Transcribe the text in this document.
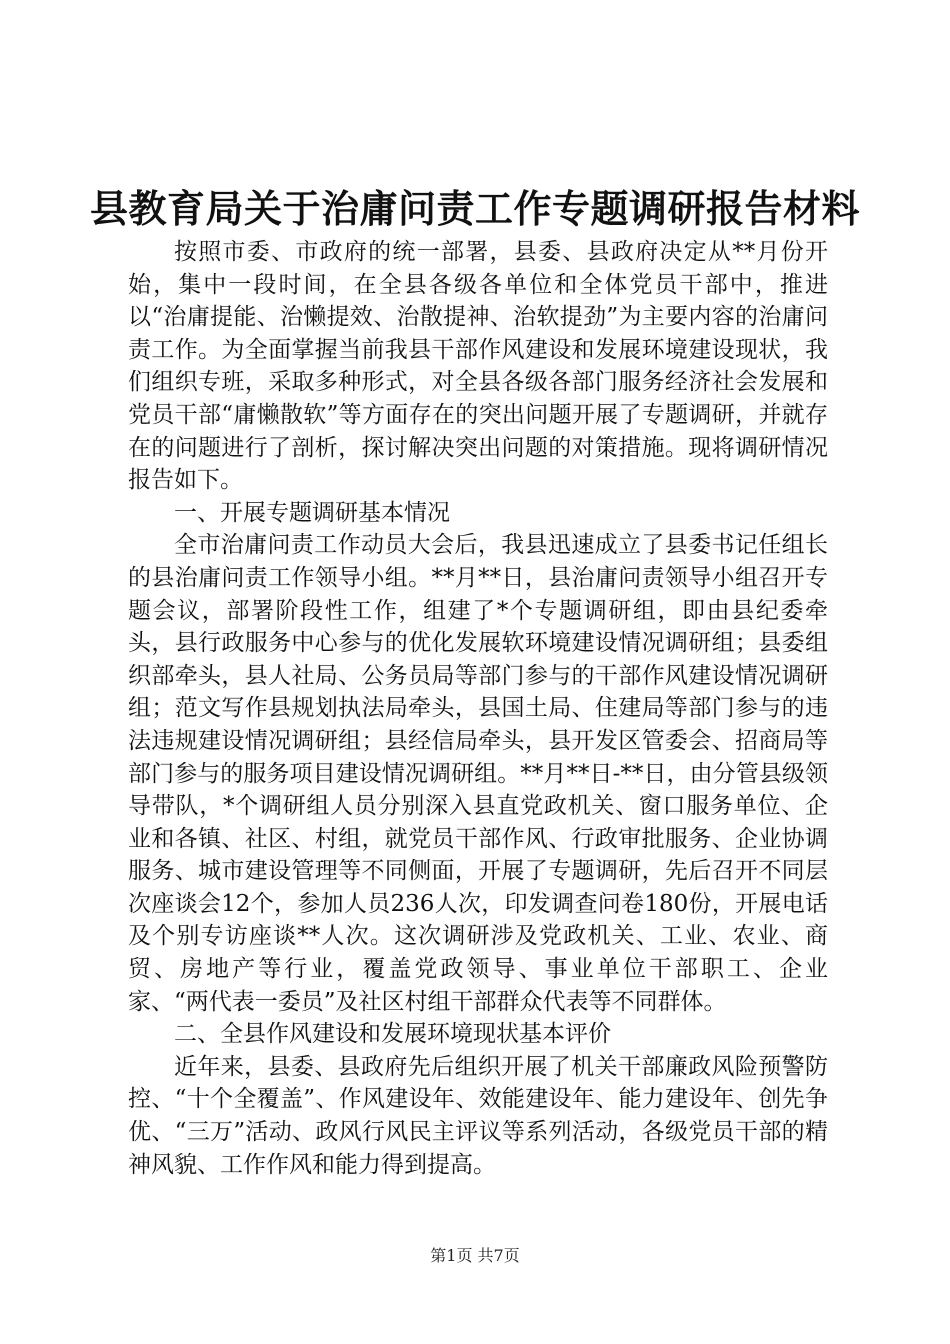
县教育局关于治庸问责工作专题调研报告材料

按照市委、市政府的统一部署，县委、县政府决定从**月份开始，集中一段时间，在全县各级各单位和全体党员干部中，推进以“治庸提能、治懒提效、治散提神、治软提劲”为主要内容的治庸问责工作。为全面掌握当前我县干部作风建设和发展环境建设现状，我们组织专班，采取多种形式，对全县各级各部门服务经济社会发展和党员干部“庸懒散软”等方面存在的突出问题开展了专题调研，并就存在的问题进行了剖析，探讨解决突出问题的对策措施。现将调研情况报告如下。

一、开展专题调研基本情况

全市治庸问责工作动员大会后，我县迅速成立了县委书记任组长的县治庸问责工作领导小组。**月**日，县治庸问责领导小组召开专题会议，部署阶段性工作，组建了*个专题调研组，即由县纪委牵头，县行政服务中心参与的优化发展软环境建设情况调研组；县委组织部牵头，县人社局、公务员局等部门参与的干部作风建设情况调研组；范文写作县规划执法局牵头，县国土局、住建局等部门参与的违法违规建设情况调研组；县经信局牵头，县开发区管委会、招商局等部门参与的服务项目建设情况调研组。**月**日-**日，由分管县级领导带队，*个调研组人员分别深入县直党政机关、窗口服务单位、企业和各镇、社区、村组，就党员干部作风、行政审批服务、企业协调服务、城市建设管理等不同侧面，开展了专题调研，先后召开不同层次座谈会12个，参加人员236人次，印发调查问卷180份，开展电话及个别专访座谈**人次。这次调研涉及党政机关、工业、农业、商贸、房地产等行业，覆盖党政领导、事业单位干部职工、企业家、“两代表一委员”及社区村组干部群众代表等不同群体。

二、全县作风建设和发展环境现状基本评价

近年来，县委、县政府先后组织开展了机关干部廉政风险预警防控、“十个全覆盖”、作风建设年、效能建设年、能力建设年、创先争优、“三万”活动、政风行风民主评议等系列活动，各级党员干部的精神风貌、工作作风和能力得到提高。

第1页 共7页
